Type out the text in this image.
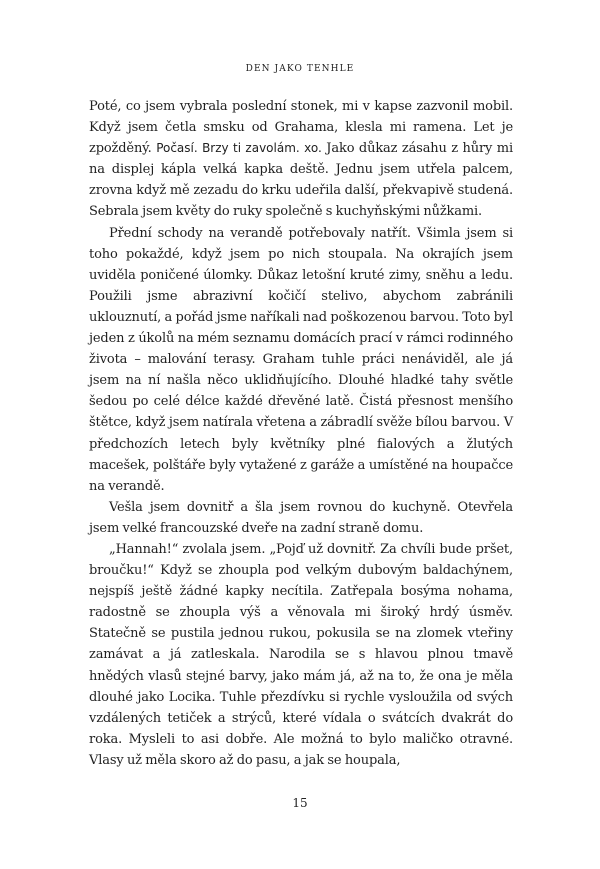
DEN JAKO TENHLE

Poté, co jsem vybrala poslední stonek, mi v kapse zazvonil mobil. Když jsem četla smsku od Grahama, klesla mi ramena. Let je zpožděný. Počasí. Brzy ti zavolám. xo. Jako důkaz zásahu z hůry mi na displej kápla velká kapka deště. Jednu jsem utřela palcem, zrovna když mě zezadu do krku udeřila další, překvapivě studená. Sebrala jsem květy do ruky společně s kuchyňskými nůžkami.

Přední schody na verandě potřebovaly natřít. Všimla jsem si toho pokaždé, když jsem po nich stoupala. Na okrajích jsem uviděla poničené úlomky. Důkaz letošní kruté zimy, sněhu a ledu. Použili jsme abrazivní kočičí stelivo, abychom zabránili uklouznutí, a pořád jsme naříkali nad poškozenou barvou. Toto byl jeden z úkolů na mém seznamu domácích prací v rámci rodinného života – malování terasy. Graham tuhle práci nenáviděl, ale já jsem na ní našla něco uklidňujícího. Dlouhé hladké tahy světle šedou po celé délce každé dřevěné latě. Čistá přesnost menšího štětce, když jsem natírala vřetena a zábradlí svěže bílou barvou. V předchozích letech byly květníky plné fialových a žlutých macešek, polštáře byly vytažené z garáže a umístěné na houpačce na verandě.

Vešla jsem dovnitř a šla jsem rovnou do kuchyně. Otevřela jsem velké francouzské dveře na zadní straně domu.

„Hannah!“ zvolala jsem. „Pojď už dovnitř. Za chvíli bude pršet, broučku!“ Když se zhoupla pod velkým dubovým baldachýnem, nejspíš ještě žádné kapky necítila. Zatřepala bosýma nohama, radostně se zhoupla výš a věnovala mi široký hrdý úsměv. Statečně se pustila jednou rukou, pokusila se na zlomek vteřiny zamávat a já zatleskala. Narodila se s hlavou plnou tmavě hnědých vlasů stejné barvy, jako mám já, až na to, že ona je měla dlouhé jako Locika. Tuhle přezdívku si rychle vysloužila od svých vzdálených tetiček a strýců, které vídala o svátcích dvakrát do roka. Mysleli to asi dobře. Ale možná to bylo maličko otravné. Vlasy už měla skoro až do pasu, a jak se houpala,

15
